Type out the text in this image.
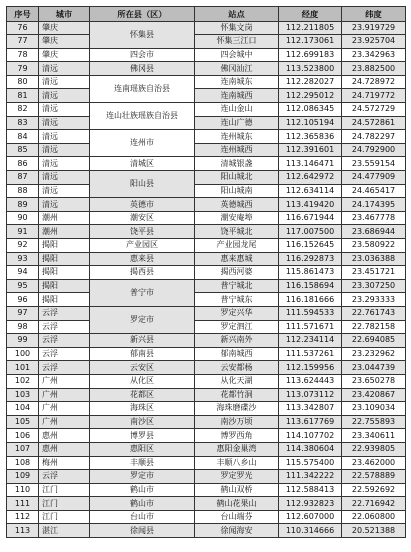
序号	城市	所在县（区）	站点	经度	纬度
76	肇庆	怀集县	怀集文岗	112.211805	23.919729
77	肇庆		怀集三江口	112.173061	23.925704
78	肇庆	四会市	四会城中	112.699183	23.342963
79	清远	佛冈县	佛冈汕江	113.523800	23.882500
80	清远	连南瑶族自治县	连南城东	112.282027	24.728972
81	清远		连南城西	112.295012	24.719772
82	清远	连山壮族瑶族自治县	连山金山	112.086345	24.572729
83	清远		连山广德	112.105194	24.572861
84	清远	连州市	连州城东	112.365836	24.782297
85	清远		连州城西	112.391601	24.792900
86	清远	清城区	清城银盏	113.146471	23.559154
87	清远	阳山县	阳山城北	112.642972	24.477909
88	清远		阳山城南	112.634114	24.465417
89	清远	英德市	英德城西	113.419420	24.174395
90	潮州	潮安区	潮安庵埠	116.671944	23.467778
91	潮州	饶平县	饶平城北	117.007500	23.686944
92	揭阳	产业园区	产业园龙尾	116.152645	23.580922
93	揭阳	惠来县	惠来惠城	116.292873	23.036388
94	揭阳	揭西县	揭西河婆	115.861473	23.451721
95	揭阳	普宁市	普宁城北	116.158694	23.307250
96	揭阳		普宁城东	116.181666	23.293333
97	云浮	罗定市	罗定兴华	111.594533	22.761743
98	云浮		罗定泗江	111.571671	22.782158
99	云浮	新兴县	新兴南外	112.234114	22.694085
100	云浮	郁南县	郁南城西	111.537261	23.232962
101	云浮	云安区	云安都杨	112.159956	23.044739
102	广州	从化区	从化天湖	113.624443	23.650278
103	广州	花都区	花都竹洞	113.073112	23.420867
104	广州	海珠区	海珠磨碟沙	113.342807	23.109034
105	广州	南沙区	南沙万顷	113.617769	22.755893
106	惠州	博罗县	博罗西角	114.107702	23.340611
107	惠州	惠阳区	惠阳金巢湾	114.380604	22.939805
108	梅州	丰顺县	丰顺八乡山	115.575400	23.462000
109	云浮	罗定市	罗定罗光	111.342222	22.578889
110	江门	鹤山市	鹤山双桥	112.588413	22.592692
111	江门	鹤山市	鹤山花果山	112.932823	22.716942
112	江门	台山市	台山端芬	112.607000	22.060800
113	湛江	徐闻县	徐闻海安	110.314666	20.521388
